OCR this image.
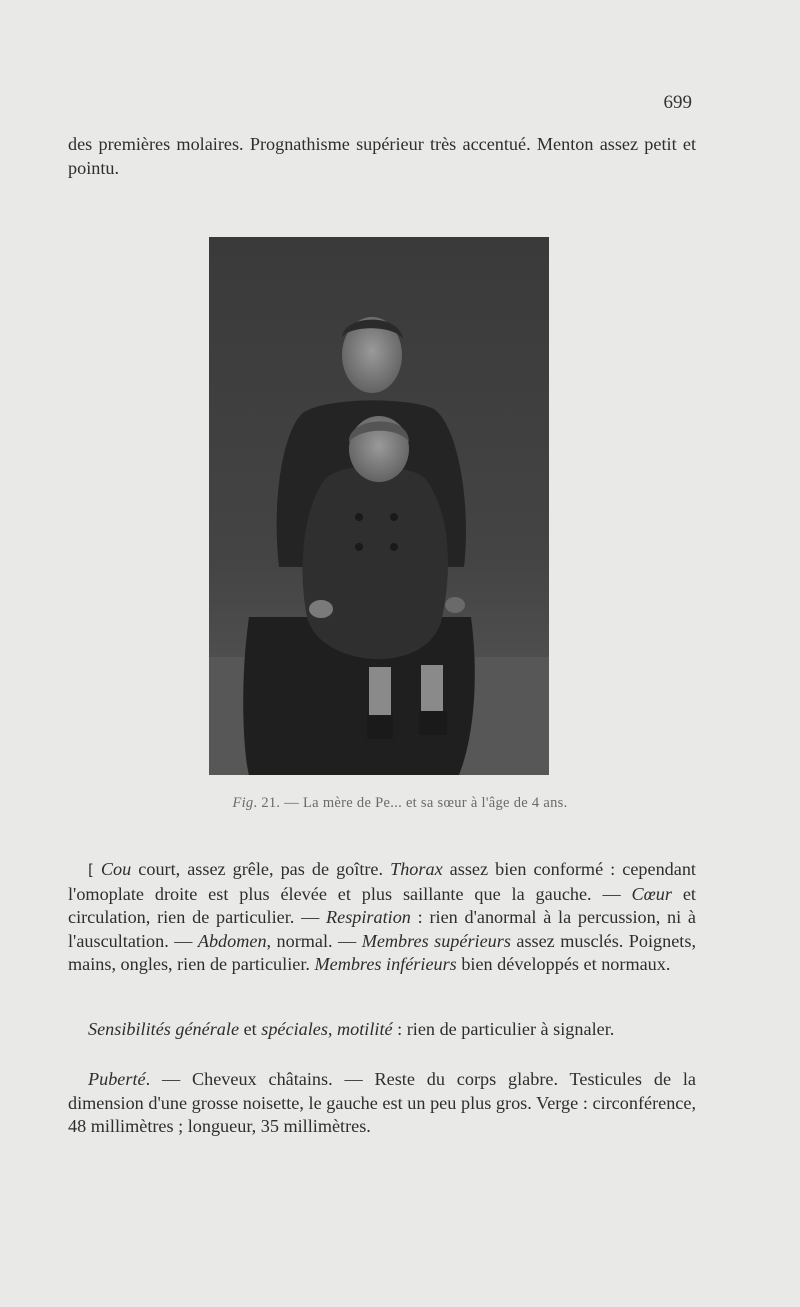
699
des premières molaires. Prognathisme supérieur très accentué. Menton assez petit et pointu.
Fig. 21. — La mère de Pe... et sa sœur à l'âge de 4 ans.
[ Cou court, assez grêle, pas de goître. Thorax assez bien conformé : cependant l'omoplate droite est plus élevée et plus saillante que la gauche. — Cœur et circulation, rien de particulier. — Respiration : rien d'anormal à la percussion, ni à l'auscultation. — Abdomen, normal. — Membres supérieurs assez musclés. Poignets, mains, ongles, rien de particulier. Membres inférieurs bien développés et normaux.
Sensibilités générale et spéciales, motilité : rien de particulier à signaler.
Puberté. — Cheveux châtains. — Reste du corps glabre. Testicules de la dimension d'une grosse noisette, le gauche est un peu plus gros. Verge : circonférence, 48 millimètres ; longueur, 35 millimètres.
